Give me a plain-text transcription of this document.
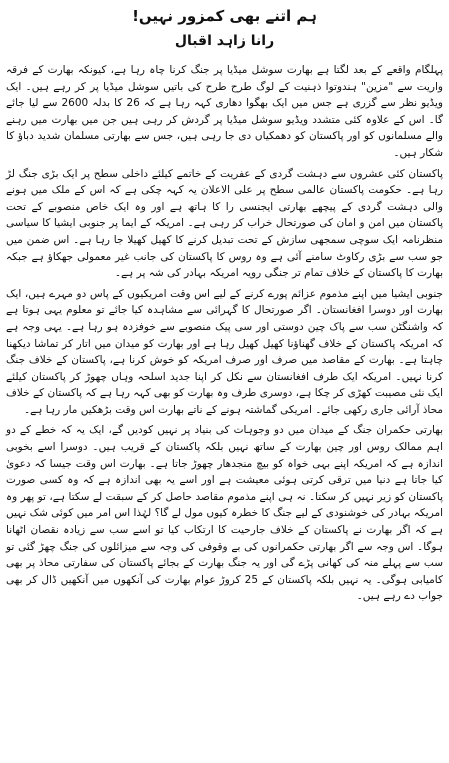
ہم اتنے بھی کمزور نہیں!
رانا زاہد اقبال

پہلگام واقعے کے بعد لگتا ہے بھارت سوشل میڈیا پر جنگ کرنا چاہ رہا ہے، کیونکہ بھارت کے فرقہ واریت سے "مزین" ہندوتوا ذہنیت کے لوگ طرح طرح کی باتیں سوشل میڈیا پر کر رہے ہیں۔ ایک ویڈیو نظر سے گزری ہے جس میں ایک بھگوا دھاری کہہ رہا ہے کہ 26 کا بدلہ 2600 سے لیا جائے گا۔ اس کے علاوہ کئی متشدد ویڈیو سوشل میڈیا پر گردش کر رہی ہیں جن میں بھارت میں رہنے والے مسلمانوں کو اور پاکستان کو دھمکیاں دی جا رہی ہیں، جس سے بھارتی مسلمان شدید دباؤ کا شکار ہیں۔

پاکستان کئی عشروں سے دہشت گردی کے عفریت کے خاتمے کیلئے داخلی سطح پر ایک بڑی جنگ لڑ رہا ہے۔ حکومت پاکستان عالمی سطح پر علی الاعلان یہ کہہ چکی ہے کہ اس کے ملک میں ہونے والی دہشت گردی کے پیچھے بھارتی ایجنسی را کا ہاتھ ہے اور وہ ایک خاص منصوبے کے تحت پاکستان میں امن و امان کی صورتحال خراب کر رہی ہے۔ امریکہ کے ایما پر جنوبی ایشیا کا سیاسی منظرنامہ ایک سوچی سمجھی سازش کے تحت تبدیل کرنے کا کھیل کھیلا جا رہا ہے۔ اس ضمن میں جو سب سے بڑی رکاوٹ سامنے آئی ہے وہ روس کا پاکستان کی جانب غیر معمولی جھکاؤ ہے جبکہ بھارت کا پاکستان کے خلاف تمام تر جنگی رویہ امریکہ بہادر کی شہ پر ہے۔

جنوبی ایشیا میں اپنے مذموم عزائم پورے کرنے کے لیے اس وقت امریکیوں کے پاس دو مہرے ہیں، ایک بھارت اور دوسرا افغانستان۔ اگر صورتحال کا گہرائی سے مشاہدہ کیا جائے تو معلوم یہی ہوتا ہے کہ واشنگٹن سب سے پاک چین دوستی اور سی پیک منصوبے سے خوفزدہ ہو رہا ہے۔ یہی وجہ ہے کہ امریکہ پاکستان کے خلاف گھناؤنا کھیل کھیل رہا ہے اور بھارت کو میدان میں اتار کر تماشا دیکھنا چاہتا ہے۔ بھارت کے مقاصد میں صرف اور صرف امریکہ کو خوش کرنا ہے، پاکستان کے خلاف جنگ کرنا نہیں۔ امریکہ ایک طرف افغانستان سے نکل کر اپنا جدید اسلحہ وہاں چھوڑ کر پاکستان کیلئے ایک نئی مصیبت کھڑی کر چکا ہے، دوسری طرف وہ بھارت کو بھی کہہ رہا ہے کہ پاکستان کے خلاف محاذ آرائی جاری رکھی جائے۔ امریکی گماشتہ ہونے کے ناتے بھارت اس وقت بڑھکیں مار رہا ہے۔

بھارتی حکمران جنگ کے میدان میں دو وجوہات کی بنیاد پر نہیں کودیں گے، ایک یہ کہ خطے کے دو اہم ممالک روس اور چین بھارت کے ساتھ نہیں بلکہ پاکستان کے قریب ہیں۔ دوسرا اسے بخوبی اندازہ ہے کہ امریکہ اپنے بہی خواہ کو بیچ منجدھار چھوڑ جاتا ہے۔ بھارت اس وقت جیسا کہ دعویٰ کیا جاتا ہے دنیا میں ترقی کرتی ہوئی معیشت ہے اور اسے یہ بھی اندازہ ہے کہ وہ کسی صورت پاکستان کو زیر نہیں کر سکتا۔ نہ ہی اپنے مذموم مقاصد حاصل کر کے سبقت لے سکتا ہے، تو پھر وہ امریکہ بہادر کی خوشنودی کے لیے جنگ کا خطرہ کیوں مول لے گا؟ لہٰذا اس امر میں کوئی شک نہیں ہے کہ اگر بھارت نے پاکستان کے خلاف جارحیت کا ارتکاب کیا تو اسے سب سے زیادہ نقصان اٹھانا ہوگا۔ اس وجہ سے اگر بھارتی حکمرانوں کی بے وقوفی کی وجہ سے میزائلوں کی جنگ چھڑ گئی تو سب سے پہلے منہ کی کھانی پڑے گی اور یہ جنگ بھارت کے بجائے پاکستان کی سفارتی محاذ پر بھی کامیابی ہوگی۔ یہ نہیں بلکہ پاکستان کے 25 کروڑ عوام بھارت کی آنکھوں میں آنکھیں ڈال کر بھی جواب دے رہے ہیں۔
